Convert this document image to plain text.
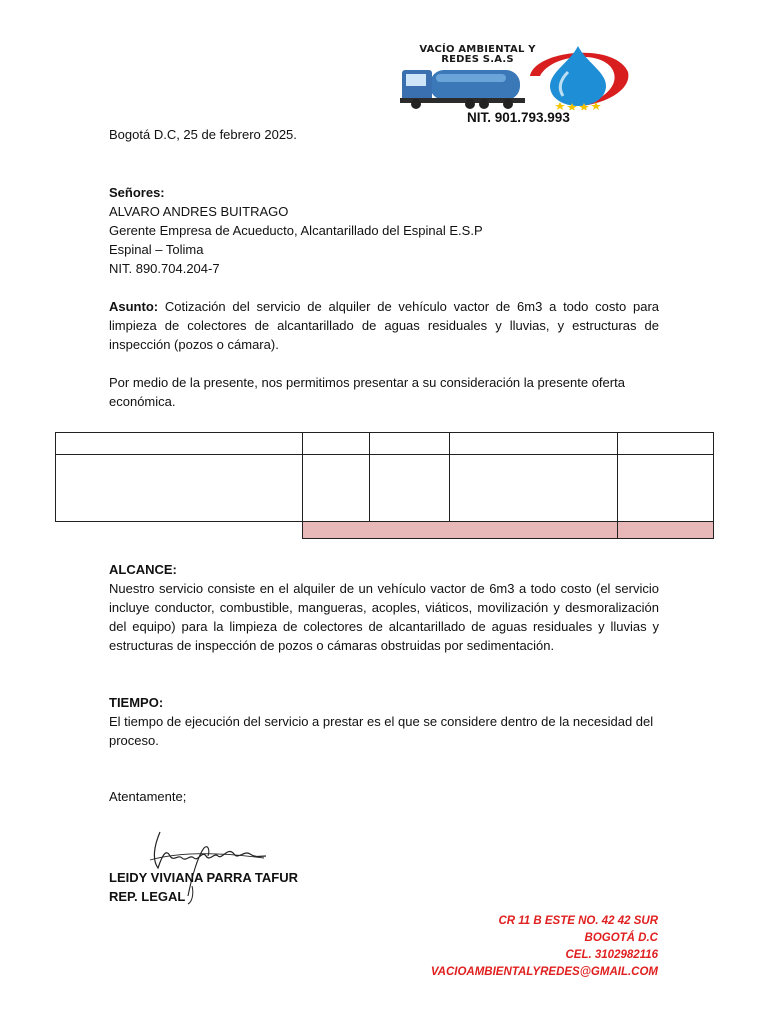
VACÍO AMBIENTAL Y REDES S.A.S
NIT. 901.793.993
Bogotá D.C, 25 de febrero 2025.
Señores:
ALVARO ANDRES BUITRAGO
Gerente Empresa de Acueducto, Alcantarillado del Espinal E.S.P
Espinal – Tolima
NIT. 890.704.204-7
Asunto: Cotización del servicio de alquiler de vehículo vactor de 6m3 a todo costo para limpieza de colectores de alcantarillado de aguas residuales y lluvias, y estructuras de inspección (pozos o cámara).
Por medio de la presente, nos permitimos presentar a su consideración la presente oferta económica.

ALCANCE:
Nuestro servicio consiste en el alquiler de un vehículo vactor de 6m3 a todo costo (el servicio incluye conductor, combustible, mangueras, acoples, viáticos, movilización y desmoralización del equipo) para la limpieza de colectores de alcantarillado de aguas residuales y lluvias y estructuras de inspección de pozos o cámaras obstruidas por sedimentación.
TIEMPO:
El tiempo de ejecución del servicio a prestar es el que se considere dentro de la necesidad del proceso.
Atentamente;
LEIDY VIVIANA PARRA TAFUR
REP. LEGAL
CR 11 B ESTE NO. 42 42 SUR
BOGOTÁ D.C
CEL. 3102982116
VACIOAMBIENTALYREDES@GMAIL.COM
